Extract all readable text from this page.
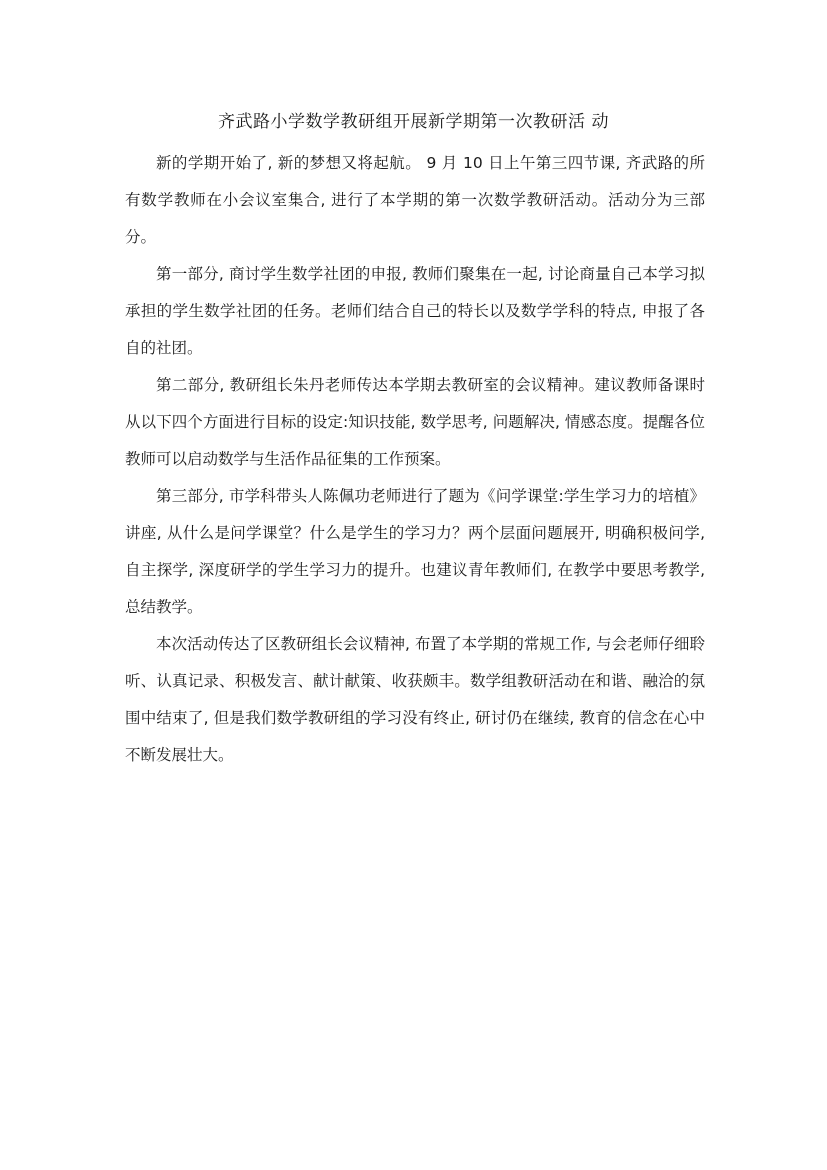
齐武路小学数学教研组开展新学期第一次教研活 动

新的学期开始了, 新的梦想又将起航。 9 月 10 日上午第三四节课, 齐武路的所有数学教师在小会议室集合, 进行了本学期的第一次数学教研活动。活动分为三部分。

第一部分, 商讨学生数学社团的申报, 教师们聚集在一起, 讨论商量自己本学习拟承担的学生数学社团的任务。老师们结合自己的特长以及数学学科的特点, 申报了各自的社团。

第二部分, 教研组长朱丹老师传达本学期去教研室的会议精神。建议教师备课时从以下四个方面进行目标的设定:知识技能, 数学思考, 问题解决, 情感态度。提醒各位教师可以启动数学与生活作品征集的工作预案。

第三部分, 市学科带头人陈佩功老师进行了题为《问学课堂:学生学习力的培植》讲座, 从什么是问学课堂？什么是学生的学习力？两个层面问题展开, 明确积极问学, 自主探学, 深度研学的学生学习力的提升。也建议青年教师们, 在教学中要思考教学, 总结教学。

本次活动传达了区教研组长会议精神, 布置了本学期的常规工作, 与会老师仔细聆听、认真记录、积极发言、献计献策、收获颇丰。数学组教研活动在和谐、融洽的氛围中结束了, 但是我们数学教研组的学习没有终止, 研讨仍在继续, 教育的信念在心中不断发展壮大。
